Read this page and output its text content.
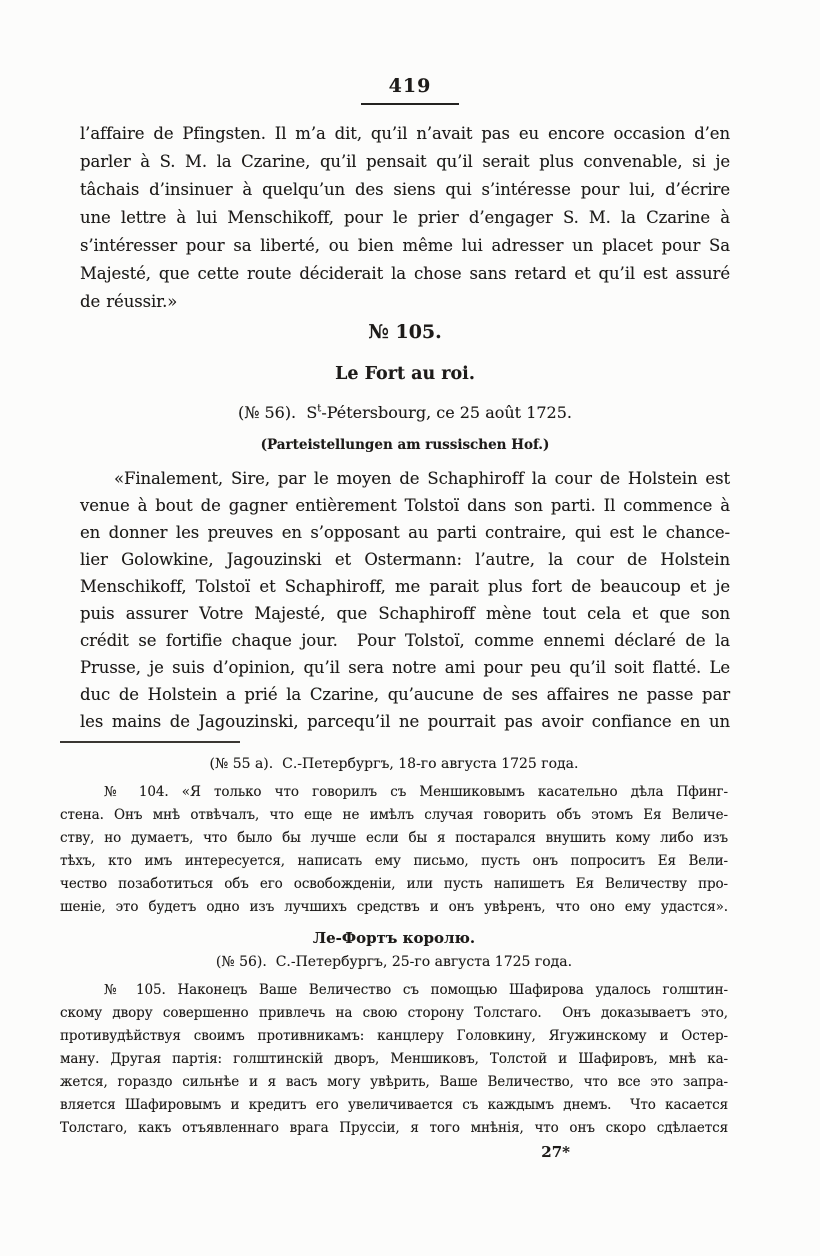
419
l’affaire de Pfingsten. Il m’a dit, qu’il n’avait pas eu encore occasion d’en
parler à S. M. la Czarine, qu’il pensait qu’il serait plus convenable, si je
tâchais d’insinuer à quelqu’un des siens qui s’intéresse pour lui, d’écrire
une lettre à lui Menschikoff, pour le prier d’engager S. M. la Czarine à
s’intéresser pour sa liberté, ou bien même lui adresser un placet pour Sa
Majesté, que cette route déciderait la chose sans retard et qu’il est assuré
de réussir.»
№ 105.
Le Fort au roi.
(№ 56).  $S^t$-Pétersbourg, ce 25 août 1725.
(Parteistellungen am russischen Hof.)
«Finalement, Sire, par le moyen de Schaphiroff la cour de Holstein est
venue à bout de gagner entièrement Tolstoï dans son parti. Il commence à
en donner les preuves en s’opposant au parti contraire, qui est le chance-
lier Golowkine, Jagouzinski et Ostermann: l’autre, la cour de Holstein
Menschikoff, Tolstoï et Schaphiroff, me parait plus fort de beaucoup et je
puis assurer Votre Majesté, que Schaphiroff mène tout cela et que son
crédit se fortifie chaque jour.  Pour Tolstoï, comme ennemi déclaré de la
Prusse, je suis d’opinion, qu’il sera notre ami pour peu qu’il soit flatté. Le
duc de Holstein a prié la Czarine, qu’aucune de ses affaires ne passe par
les mains de Jagouzinski, parcequ’il ne pourrait pas avoir confiance en un
(№ 55 а).  С.-Петербургъ, 18-го августа 1725 года.
№ 104. «Я только что говорилъ съ Меншиковымъ касательно дѣла Пфинг-
стена. Онъ мнѣ отвѣчалъ, что еще не имѣлъ случая говорить объ этомъ Ея Величе-
ству, но думаетъ, что было бы лучше если бы я постарался внушить кому либо изъ
тѣхъ, кто имъ интересуется, написать ему письмо, пусть онъ попроситъ Ея Вели-
чество позаботиться объ его освобожденіи, или пусть напишетъ Ея Величеству про-
шеніе, это будетъ одно изъ лучшихъ средствъ и онъ увѣренъ, что оно ему удастся».
Ле-Фортъ королю.
(№ 56).  С.-Петербургъ, 25-го августа 1725 года.
№ 105. Наконецъ Ваше Величество съ помощью Шафирова удалось голштин-
скому двору совершенно привлечь на свою сторону Толстаго.  Онъ доказываетъ это,
противудѣйствуя своимъ противникамъ: канцлеру Головкину, Ягужинскому и Остер-
ману. Другая партія: голштинскій дворъ, Меншиковъ, Толстой и Шафировъ, мнѣ ка-
жется, гораздо сильнѣе и я васъ могу увѣрить, Ваше Величество, что все это запра-
вляется Шафировымъ и кредитъ его увеличивается съ каждымъ днемъ.  Что касается
Толстаго, какъ отъявленнаго врага Пруссіи, я того мнѣнія, что онъ скоро сдѣлается
27*
